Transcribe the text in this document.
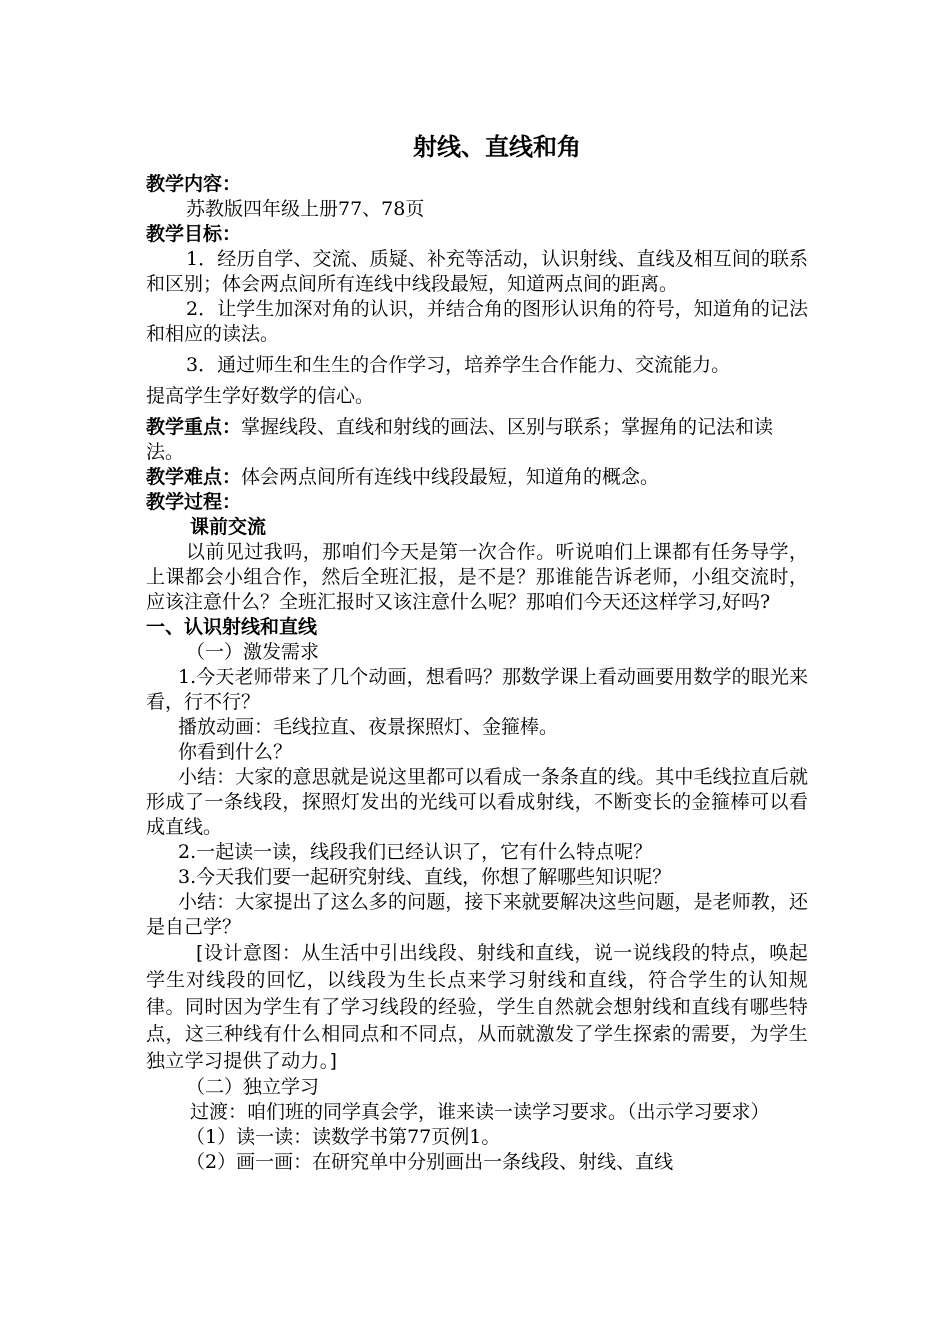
射线、直线和角

教学内容：

苏教版四年级上册77、78页

教学目标：

1．经历自学、交流、质疑、补充等活动，认识射线、直线及相互间的联系和区别；体会两点间所有连线中线段最短，知道两点间的距离。

2．让学生加深对角的认识，并结合角的图形认识角的符号，知道角的记法和相应的读法。

3．通过师生和生生的合作学习，培养学生合作能力、交流能力。

提高学生学好数学的信心。

教学重点：掌握线段、直线和射线的画法、区别与联系；掌握角的记法和读法。

教学难点：体会两点间所有连线中线段最短，知道角的概念。

教学过程：

课前交流

以前见过我吗，那咱们今天是第一次合作。听说咱们上课都有任务导学，上课都会小组合作，然后全班汇报，是不是？那谁能告诉老师，小组交流时，应该注意什么？全班汇报时又该注意什么呢？那咱们今天还这样学习,好吗?

一、认识射线和直线

（一）激发需求

1.今天老师带来了几个动画，想看吗？那数学课上看动画要用数学的眼光来看，行不行？

播放动画：毛线拉直、夜景探照灯、金箍棒。

你看到什么？

小结：大家的意思就是说这里都可以看成一条条直的线。其中毛线拉直后就形成了一条线段，探照灯发出的光线可以看成射线，不断变长的金箍棒可以看成直线。

2.一起读一读，线段我们已经认识了，它有什么特点呢？

3.今天我们要一起研究射线、直线，你想了解哪些知识呢？

小结：大家提出了这么多的问题，接下来就要解决这些问题，是老师教，还是自己学？

[设计意图：从生活中引出线段、射线和直线，说一说线段的特点，唤起学生对线段的回忆，以线段为生长点来学习射线和直线，符合学生的认知规律。同时因为学生有了学习线段的经验，学生自然就会想射线和直线有哪些特点，这三种线有什么相同点和不同点，从而就激发了学生探索的需要，为学生独立学习提供了动力。]

（二）独立学习

过渡：咱们班的同学真会学，谁来读一读学习要求。（出示学习要求）

（1）读一读：读数学书第77页例1。

（2）画一画：在研究单中分别画出一条线段、射线、直线
